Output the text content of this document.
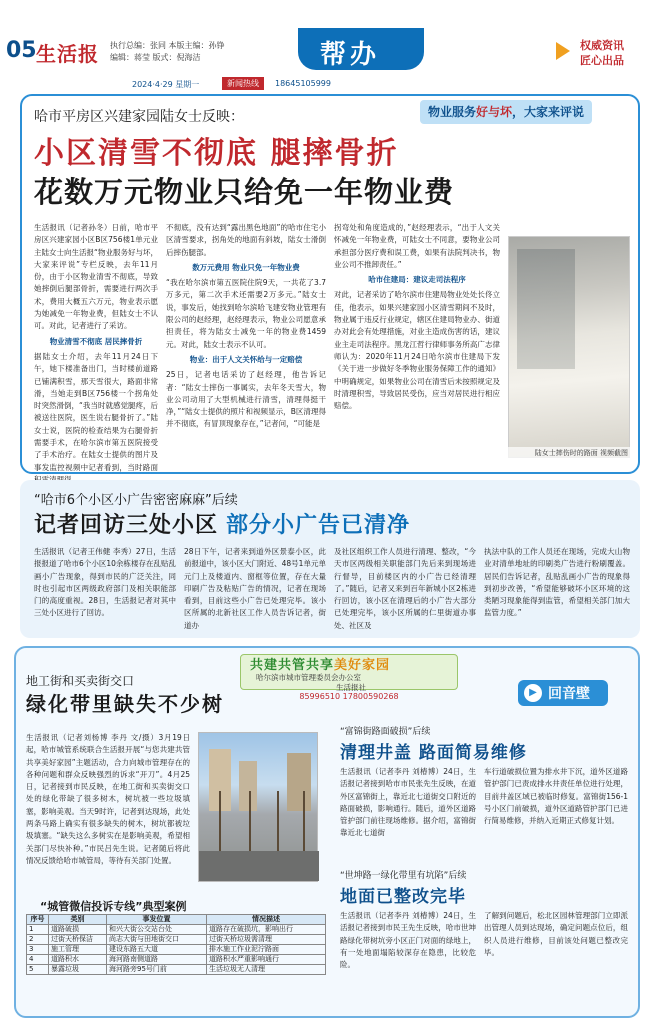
05 生活报 执行总编：张同 本版主编：孙铮
编辑：蒋莹 版式：倪海洁
2024·4·29 星期一	新闻热线	18645105999
帮办	权威资讯
匠心出品
哈市平房区兴建家园陆女士反映：	物业服务好与坏，大家来评说
小区清雪不彻底 腿摔骨折
花数万元物业只给免一年物业费

生活报讯（记者孙冬）日前，哈市平房区兴建家园小区B区756楼1单元业主陆女士向生活报“物业服务好与坏，大家来评说”专栏反映，去年11月份，由于小区物业清雪不彻底，导致她摔倒后腿部骨折，需要进行两次手术，费用大概五六万元，物业表示愿为她减免一年物业费，但陆女士不认可。对此，记者进行了采访。

物业清雪不彻底 居民摔骨折

据陆女士介绍，去年11月24日下午，她下楼准备出门，当时楼前道路已铺满积雪，那天雪很大，路面非常滑，当她走到B区756楼一个拐角处时突然滑倒，“我当时就感觉腿疼，后被送往医院，医生说右腿骨折了。”陆女士说，医院的检查结果为右腿骨折需要手术，在哈尔滨市第五医院接受了手术治疗。在陆女士提供的图片及事发监控视频中记者看到，当时路面

不彻底，没有达到“露出黑色地面”的哈市住宅小区清雪要求，拐角处的地面有斜坡，陆女士滑倒后摔伤腿部。

数万元费用 物业只免一年物业费

“我在哈尔滨市第五医院住院9天，一共花了3.7万多元，第二次手术还需要2万多元。”陆女士说，事发后，她找到哈尔滨哈飞建安物业管理有限公司的赵经理，赵经理表示，物业公司愿意承担责任，将为陆女士减免一年的物业费1459元。对此，陆女士表示不认可。

物业：出于人文关怀给与一定赔偿

25日，记者电话采访了赵经理，他告诉记者：“陆女士摔伤一事属实，去年冬天雪大，物业公司动用了大型机械进行清雪，清理得挺干净，”“陆女士提供的照片和视频显示，B区清理得并不彻底，有冒顶现象存在，”记者问，“可能是

拐弯处和角度造成的，”赵经理表示，“出于人文关怀减免一年物业费，可陆女士不同意，要物业公司承担部分医疗费和误工费，如果有法院判决书，物业公司不推卸责任。”

哈市住建局：建议走司法程序

对此，记者采访了哈尔滨市住建局物业处处长佟立佳，他表示，如果兴建家园小区清雪期间不及时，物业属于违反行业规定，辖区住建局物业办、街道办对此会有处理措施，对业主造成伤害的话，建议业主走司法程序。黑龙江哲行律师事务所高广志律师认为：2020年11月24日哈尔滨市住建局下发《关于进一步做好冬季物业服务保障工作的通知》中明确规定，如果物业公司在清雪后未按照规定及时清理积雪，导致居民受伤，应当对居民进行相应赔偿。

陆女士摔伤时的路面 视频截图
“哈市6个小区小广告密密麻麻”后续
记者回访三处小区 部分小广告已清净

生活报讯（记者王伟健 李秀）27日，生活报报道了哈市6个小区10余栋楼存在乱贴乱画小广告现象，得到市民的广泛关注，同时也引起市区两级政府部门及相关职能部门的高度重视。28日，生活报记者对其中三处小区进行了回访。

28日下午，记者来到道外区景泰小区，此前报道中，该小区大门附近、48号1单元单元门上及楼道内、窗框等位置，存在大量印刷广告及粘贴广告的情况，记者在现场看到，目前这些小广告已处理完毕。该小区所属的北新社区工作人员告诉记者，街道办

及社区组织工作人员进行清理、整改，“今天市区两级相关职能部门先后来到现场进行督导，目前楼区内的小广告已经清理了。”随后，记者又来到百年新城小区2栋进行回访，该小区在清理后的小广告大部分已处理完毕，该小区所属的仁里街道办事处、社区及

执法中队的工作人员还在现场，完成大山物业对清单地址的印刷类广告进行粉刷覆盖。居民们告诉记者，乱贴乱画小广告的现象得到初步改善，“希望能够破坏小区环境的这类陋习现象能得到监管，希望相关部门加大监管力度。”

共建共管共享美好家园
哈尔滨市城市管理委员会办公室
生活报社
85996510 17800590268	▶ 回音壁
地工街和买卖街交口
绿化带里缺失不少树

生活报讯（记者刘杨博 李丹 文/摄）3月19日起，哈市城管系统联合生活报开展“与您共建共管共享美好家园”主题活动，合力向城市管理存在的各种问题和群众反映强烈的诉求“开刀”。4月25日，记者接到市民反映，在地工街和买卖街交口处的绿化带缺了很多树木，树坑被一些垃圾填塞，影响美观。当天9时许，记者到达现场，此处两条马路上确实有很多缺失的树木，树坑都被垃圾填塞。“缺失这么多树实在是影响美观，希望相关部门尽快补种。”市民吕先生说。记者随后将此情况反馈给哈市城管局，等待有关部门处置。

“富锦街路面破损”后续
清理井盖 路面简易维修

生活报讯（记者李丹 刘椿博）24日，生活报记者接到哈市市民张先生反映，在道外区富锦街上，靠近北七道街交口附近的路面破损，影响通行。随后，道外区道路管护部门前往现场维修。据介绍，富锦街靠近北七道街

车行道破损位置为排水井下沉，道外区道路管护部门已责成排水井责任单位进行处理，目前井盖区域已被临时修复。富锦街156-1号小区门前破损，道外区道路管护部门已进行简易维修，并纳入近期正式修复计划。

“世坤路一绿化带里有坑陷”后续
地面已整改完毕

生活报讯（记者李丹 刘椿博）24日，生活报记者接到市民王先生反映，哈市世坤路绿化带树坑旁小区正门对面的绿地上，有一处地面塌陷较深存在隐患，比较危险。

了解到问题后，松北区园林管理部门立即派出管理人员到达现场，确定问题点位后，组织人员进行维修，目前该处问题已整改完毕。

“城管微信投诉专线”典型案例
序号	类别	事发位置	情况描述
1	道路破损	和兴大街公交站台处	道路存在破损坑，影响出行
2	过街天桥保洁	尚志大街与田地街交口	过街天桥垃圾需清理
3	施工管理	建设东路五大道	排水施工作业泥泞路面
4	道路积水	海河路南侧道路	道路积水严重影响通行
5	暴露垃圾	海河路旁95号门前	生活垃圾无人清理
